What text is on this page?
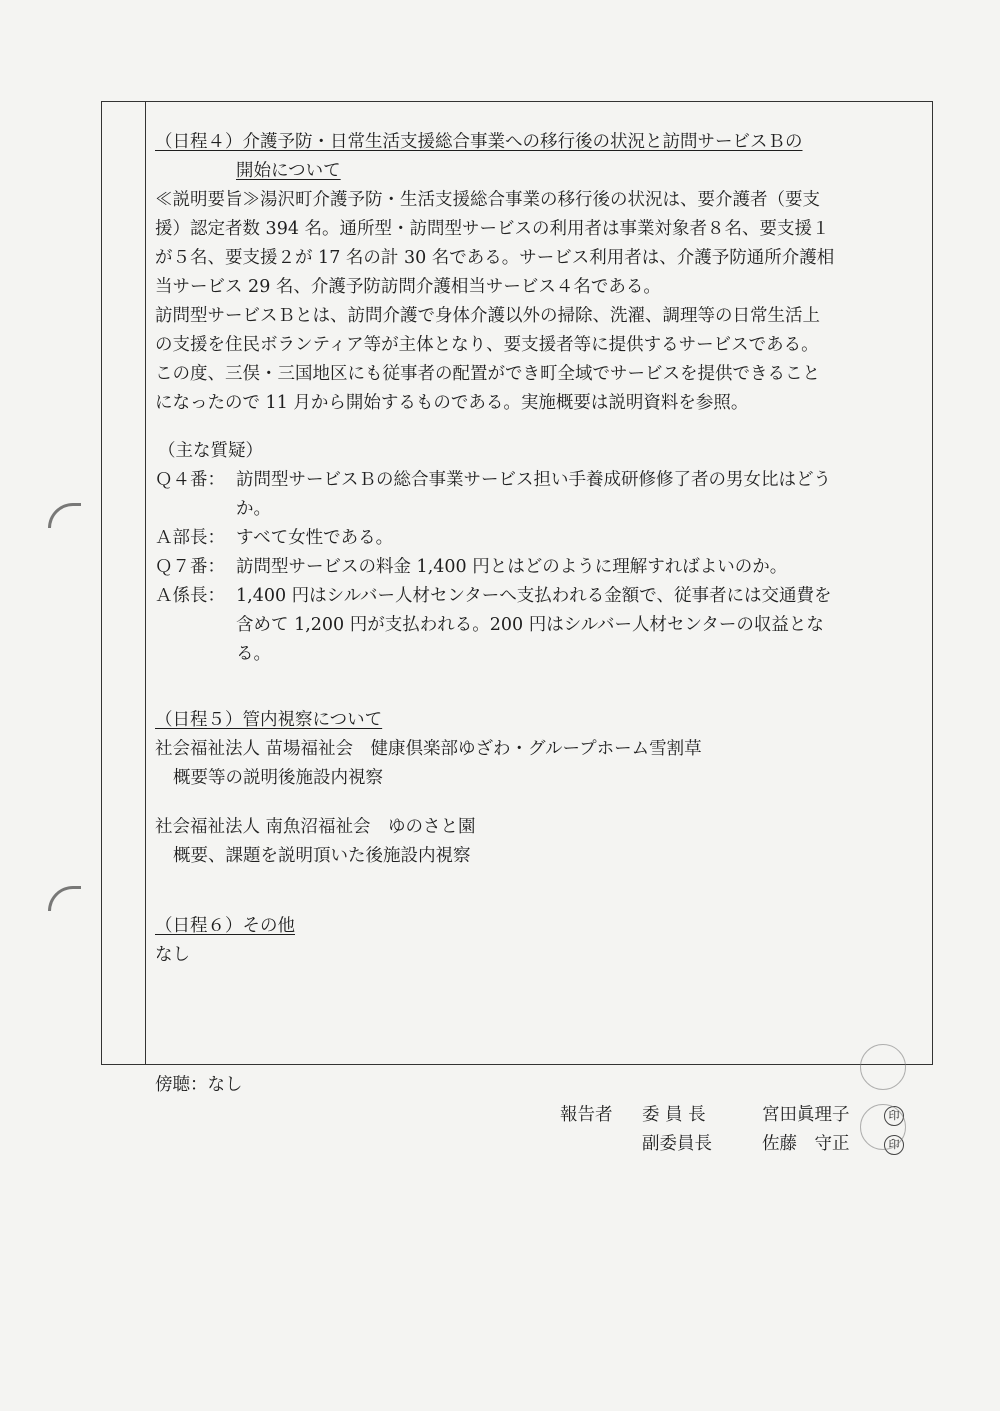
（日程４）介護予防・日常生活支援総合事業への移行後の状況と訪問サービスＢの
開始について
≪説明要旨≫湯沢町介護予防・生活支援総合事業の移行後の状況は、要介護者（要支
援）認定者数 394 名。通所型・訪問型サービスの利用者は事業対象者８名、要支援１
が５名、要支援２が 17 名の計 30 名である。サービス利用者は、介護予防通所介護相
当サービス 29 名、介護予防訪問介護相当サービス４名である。
訪問型サービスＢとは、訪問介護で身体介護以外の掃除、洗濯、調理等の日常生活上
の支援を住民ボランティア等が主体となり、要支援者等に提供するサービスである。
この度、三俣・三国地区にも従事者の配置ができ町全域でサービスを提供できること
になったので 11 月から開始するものである。実施概要は説明資料を参照。
（主な質疑）
Ｑ４番： 訪問型サービスＢの総合事業サービス担い手養成研修修了者の男女比はどう
か。
Ａ部長： すべて女性である。
Ｑ７番： 訪問型サービスの料金 1,400 円とはどのように理解すればよいのか。
Ａ係長： 1,400 円はシルバー人材センターへ支払われる金額で、従事者には交通費を
含めて 1,200 円が支払われる。200 円はシルバー人材センターの収益とな
る。
（日程５）管内視察について
社会福祉法人 苗場福祉会　健康倶楽部ゆざわ・グループホーム雪割草
概要等の説明後施設内視察
社会福祉法人 南魚沼福祉会　ゆのさと園
概要、課題を説明頂いた後施設内視察
（日程６）その他
なし
傍聴：なし
報告者 委 員 長	宮田眞理子	印
副委員長	佐藤　守正	印
